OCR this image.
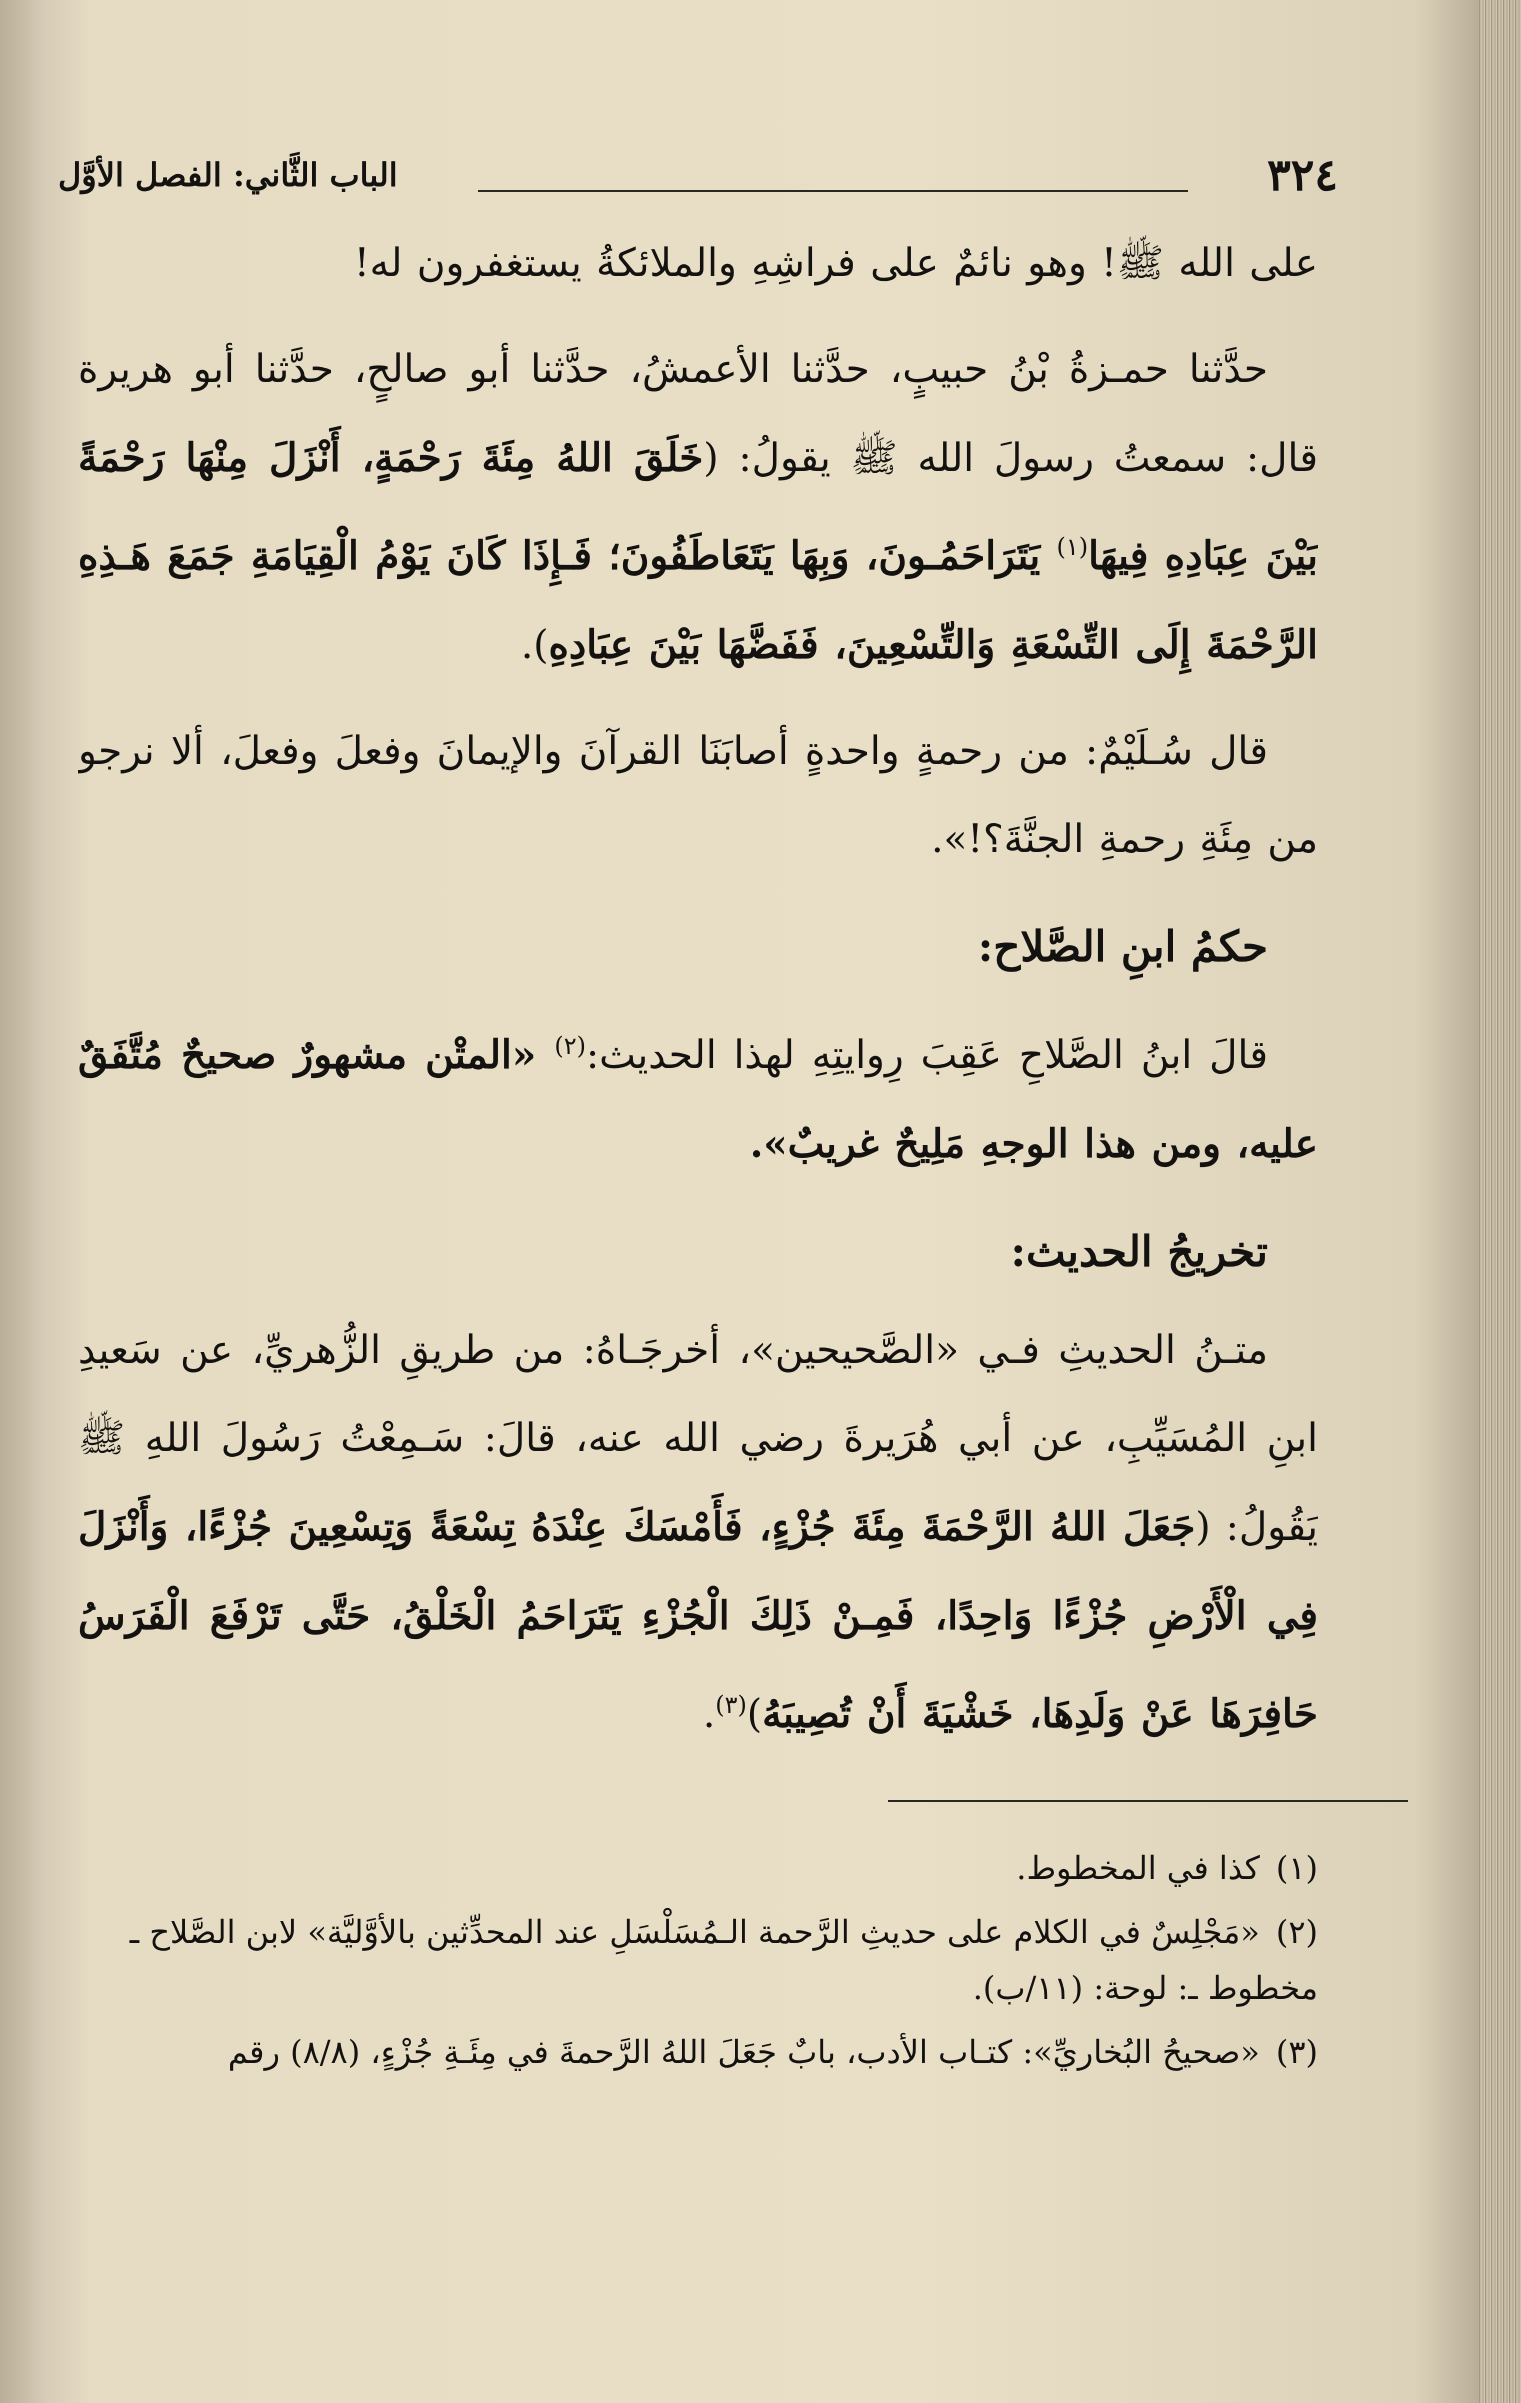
٣٢٤
الباب الثَّاني: الفصل الأوَّل

على الله ﷺ! وهو نائمٌ على فراشِهِ والملائكةُ يستغفرون له!

حدَّثنا حمـزةُ بْنُ حبيبٍ، حدَّثنا الأعمشُ، حدَّثنا أبو صالحٍ، حدَّثنا أبو هريرة قال: سمعتُ رسولَ الله ﷺ يقولُ: (خَلَقَ اللهُ مِئَةَ رَحْمَةٍ، أَنْزَلَ مِنْهَا رَحْمَةً بَيْنَ عِبَادِهِ فِيهَا$^{(١)}$ يَتَرَاحَمُـونَ، وَبِهَا يَتَعَاطَفُونَ؛ فَـإِذَا كَانَ يَوْمُ الْقِيَامَةِ جَمَعَ هَـذِهِ الرَّحْمَةَ إِلَى التِّسْعَةِ وَالتِّسْعِينَ، فَفَضَّهَا بَيْنَ عِبَادِهِ).

قال سُـلَيْمٌ: من رحمةٍ واحدةٍ أصابَنَا القرآنَ والإيمانَ وفعلَ وفعلَ، ألا نرجو من مِئَةِ رحمةِ الجنَّةَ؟!».

حكمُ ابنِ الصَّلاح:

قالَ ابنُ الصَّلاحِ عَقِبَ رِوايتِهِ لهذا الحديث:$^{(٢)}$ «المتْن مشهورٌ صحيحٌ مُتَّفَقٌ عليه، ومن هذا الوجهِ مَلِيحٌ غريبٌ».

تخريجُ الحديث:

متـنُ الحديثِ فـي «الصَّحيحين»، أخرجَـاهُ: من طريقِ الزُّهريِّ، عن سَعيدِ ابنِ المُسَيِّبِ، عن أبي هُرَيرةَ رضي الله عنه، قالَ: سَـمِعْتُ رَسُولَ اللهِ ﷺ يَقُولُ: (جَعَلَ اللهُ الرَّحْمَةَ مِئَةَ جُزْءٍ، فَأَمْسَكَ عِنْدَهُ تِسْعَةً وَتِسْعِينَ جُزْءًا، وَأَنْزَلَ فِي الْأَرْضِ جُزْءًا وَاحِدًا، فَمِـنْ ذَلِكَ الْجُزْءِ يَتَرَاحَمُ الْخَلْقُ، حَتَّى تَرْفَعَ الْفَرَسُ حَافِرَهَا عَنْ وَلَدِهَا، خَشْيَةَ أَنْ تُصِيبَهُ)$^{(٣)}$.

(١)كذا في المخطوط.

(٢)«مَجْلِسٌ في الكلام على حديثِ الرَّحمة الـمُسَلْسَلِ عند المحدِّثين بالأوَّليَّة» لابن الصَّلاح ـ مخطوط ـ: لوحة: (١١/ب).

(٣)«صحيحُ البُخاريِّ»: كتـاب الأدب، بابٌ جَعَلَ اللهُ الرَّحمةَ في مِئَـةِ جُزْءٍ، (٨/٨) رقم
